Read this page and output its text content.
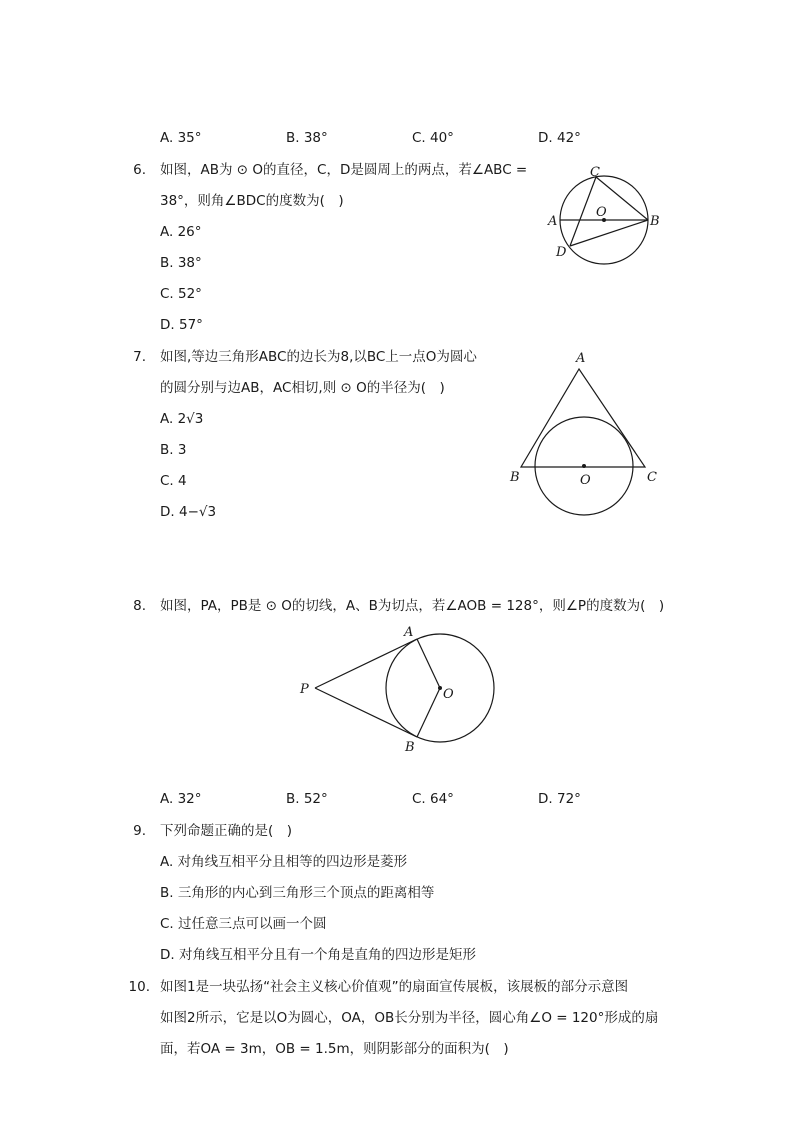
A. 35°	B. 38°	C. 40°	D. 42°
6. 如图，AB为 ⊙ O的直径，C，D是圆周上的两点，若∠ABC =
38°，则角∠BDC的度数为(　)
A. 26°
B. 38°
C. 52°
D. 57°
C
A
O
B
D
7. 如图,等边三角形ABC的边长为8,以BC上一点O为圆心
的圆分别与边AB，AC相切,则 ⊙ O的半径为(　)
A. 2√3
B. 3
C. 4
D. 4−√3
A
B	O	C
8. 如图，PA，PB是 ⊙ O的切线，A、B为切点，若∠AOB = 128°，则∠P的度数为(　)
A
P	O
B
A. 32°	B. 52°	C. 64°	D. 72°
9. 下列命题正确的是(　)
A. 对角线互相平分且相等的四边形是菱形
B. 三角形的内心到三角形三个顶点的距离相等
C. 过任意三点可以画一个圆
D. 对角线互相平分且有一个角是直角的四边形是矩形
10. 如图1是一块弘扬“社会主义核心价值观”的扇面宣传展板，该展板的部分示意图
如图2所示，它是以O为圆心，OA，OB长分别为半径，圆心角∠O = 120°形成的扇
面，若OA = 3m，OB = 1.5m，则阴影部分的面积为(　)
